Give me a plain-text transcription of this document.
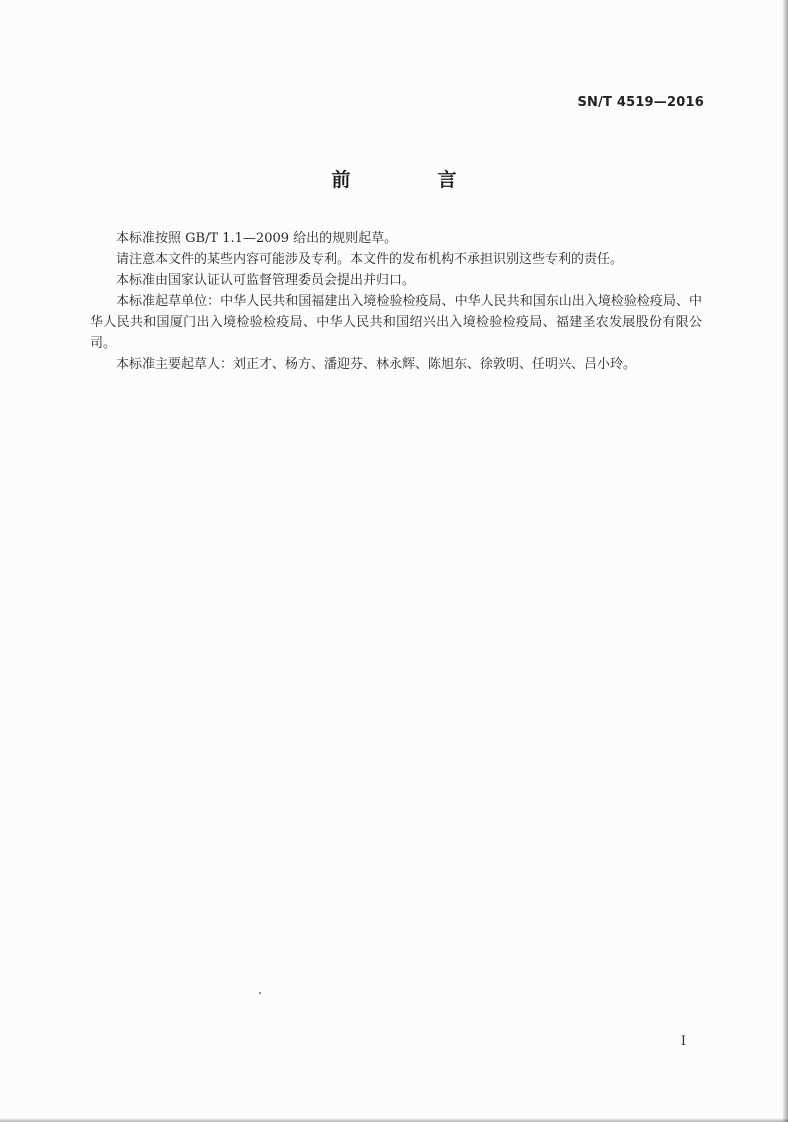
SN/T 4519—2016
前　言

本标准按照 GB/T 1.1—2009 给出的规则起草。

请注意本文件的某些内容可能涉及专利。本文件的发布机构不承担识别这些专利的责任。

本标准由国家认证认可监督管理委员会提出并归口。

本标准起草单位：中华人民共和国福建出入境检验检疫局、中华人民共和国东山出入境检验检疫局、中华人民共和国厦门出入境检验检疫局、中华人民共和国绍兴出入境检验检疫局、福建圣农发展股份有限公司。

本标准主要起草人：刘正才、杨方、潘迎芬、林永辉、陈旭东、徐敦明、任明兴、吕小玲。

I
